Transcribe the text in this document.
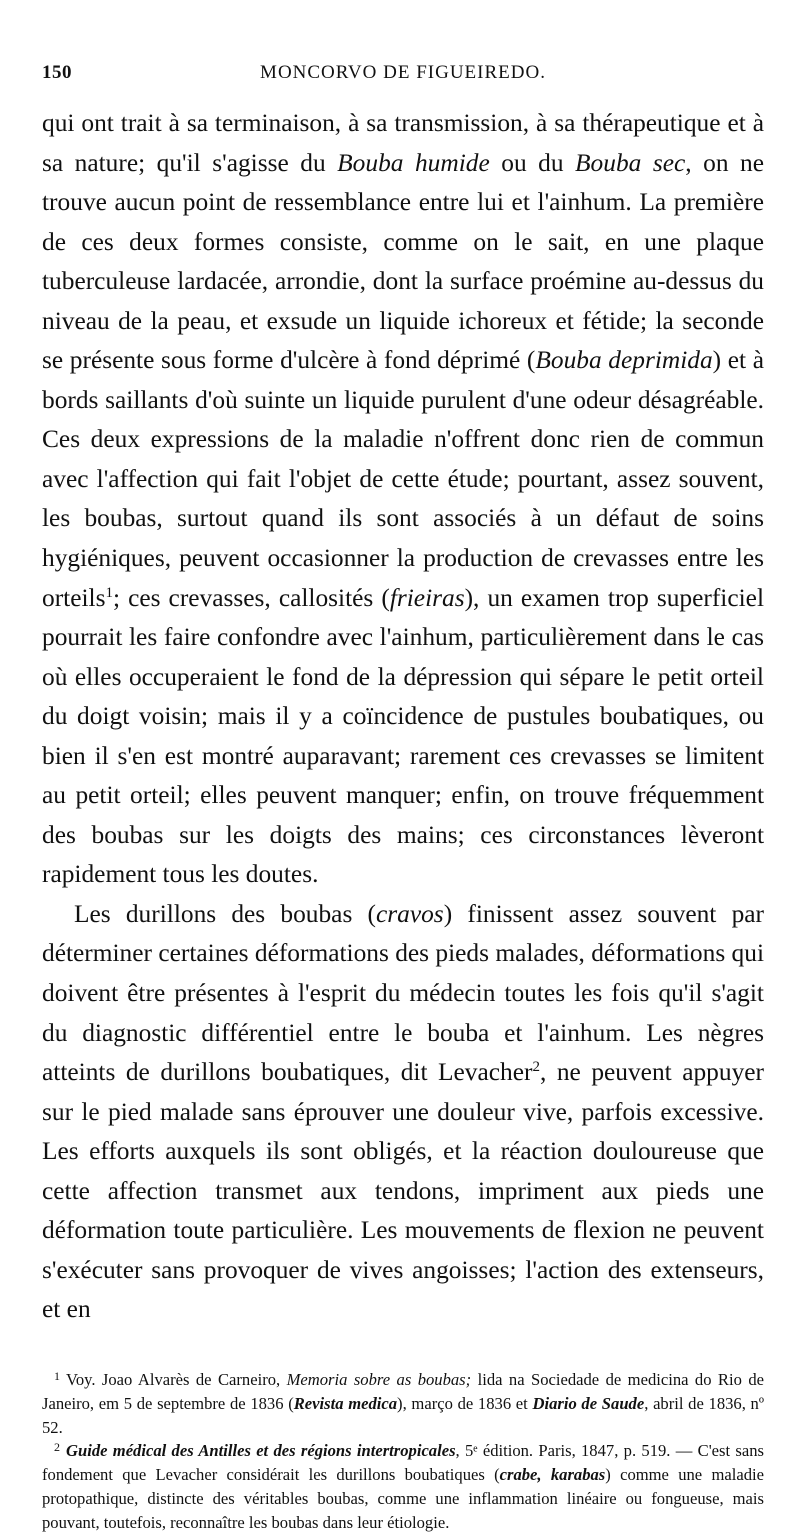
150	MONCORVO DE FIGUEIREDO.

qui ont trait à sa terminaison, à sa transmission, à sa thérapeutique et à sa nature; qu'il s'agisse du Bouba humide ou du Bouba sec, on ne trouve aucun point de ressemblance entre lui et l'ainhum. La première de ces deux formes consiste, comme on le sait, en une plaque tuberculeuse lardacée, arrondie, dont la surface proémine au-dessus du niveau de la peau, et exsude un liquide ichoreux et fétide; la seconde se présente sous forme d'ulcère à fond déprimé (Bouba deprimida) et à bords saillants d'où suinte un liquide purulent d'une odeur désagréable. Ces deux expressions de la maladie n'offrent donc rien de commun avec l'affection qui fait l'objet de cette étude; pourtant, assez souvent, les boubas, surtout quand ils sont associés à un défaut de soins hygiéniques, peuvent occasionner la production de crevasses entre les orteils$^1$; ces crevasses, callosités (frieiras), un examen trop superficiel pourrait les faire confondre avec l'ainhum, particulièrement dans le cas où elles occuperaient le fond de la dépression qui sépare le petit orteil du doigt voisin; mais il y a coïncidence de pustules boubatiques, ou bien il s'en est montré auparavant; rarement ces crevasses se limitent au petit orteil; elles peuvent manquer; enfin, on trouve fréquemment des boubas sur les doigts des mains; ces circonstances lèveront rapidement tous les doutes.

Les durillons des boubas (cravos) finissent assez souvent par déterminer certaines déformations des pieds malades, déformations qui doivent être présentes à l'esprit du médecin toutes les fois qu'il s'agit du diagnostic différentiel entre le bouba et l'ainhum. Les nègres atteints de durillons boubatiques, dit Levacher$^2$, ne peuvent appuyer sur le pied malade sans éprouver une douleur vive, parfois excessive. Les efforts auxquels ils sont obligés, et la réaction douloureuse que cette affection transmet aux tendons, impriment aux pieds une déformation toute particulière. Les mouvements de flexion ne peuvent s'exécuter sans provoquer de vives angoisses; l'action des extenseurs, et en

$^1$ Voy. Joao Alvarès de Carneiro, Memoria sobre as boubas; lida na Sociedade de medicina do Rio de Janeiro, em 5 de septembre de 1836 (Revista medica), março de 1836 et Diario de Saude, abril de 1836, nº 52.

$^2$ Guide médical des Antilles et des régions intertropicales, 5ᵉ édition. Paris, 1847, p. 519. — C'est sans fondement que Levacher considérait les durillons boubatiques (crabe, karabas) comme une maladie protopathique, distincte des véritables boubas, comme une inflammation linéaire ou fongueuse, mais pouvant, toutefois, reconnaître les boubas dans leur étiologie.
